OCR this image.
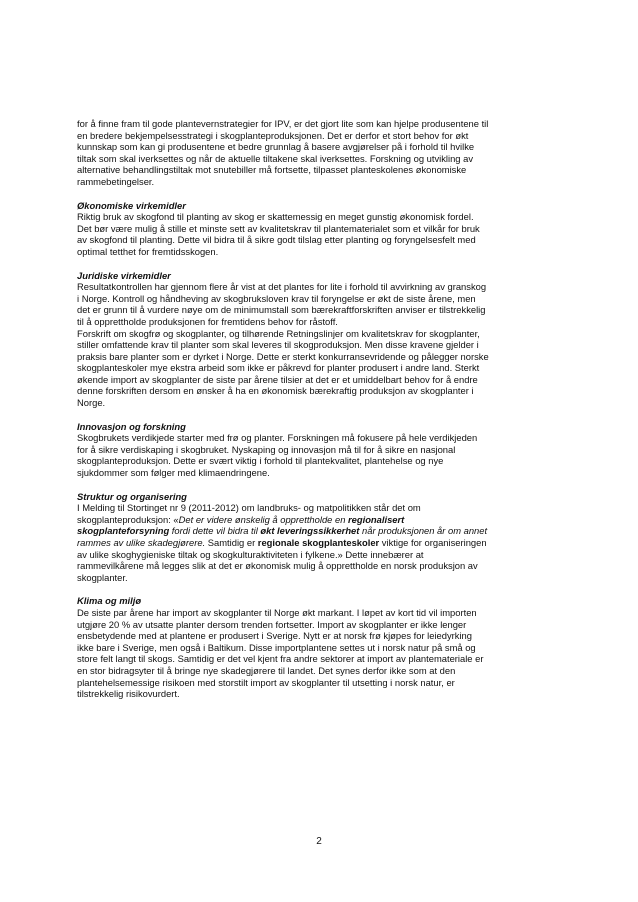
for å finne fram til gode plantevernstrategier for IPV, er det gjort lite som kan hjelpe produsentene til
en bredere bekjempelsesstrategi i skogplanteproduksjonen. Det er derfor et stort behov for økt
kunnskap som kan gi produsentene et bedre grunnlag å basere avgjørelser på i forhold til hvilke
tiltak som skal iverksettes og når de aktuelle tiltakene skal iverksettes. Forskning og utvikling av
alternative behandlingstiltak mot snutebiller må fortsette, tilpasset planteskolenes økonomiske
rammebetingelser.

Økonomiske virkemidler
Riktig bruk av skogfond til planting av skog er skattemessig en meget gunstig økonomisk fordel.
Det bør være mulig å stille et minste sett av kvalitetskrav til plantematerialet som et vilkår for bruk
av skogfond til planting. Dette vil bidra til å sikre godt tilslag etter planting og foryngelsesfelt med
optimal tetthet for fremtidsskogen.

Juridiske virkemidler
Resultatkontrollen har gjennom flere år vist at det plantes for lite i forhold til avvirkning av granskog
i Norge. Kontroll og håndheving av skogbruksloven krav til foryngelse er økt de siste årene, men
det er grunn til å vurdere nøye om de minimumstall som bærekraftforskriften anviser er tilstrekkelig
til å opprettholde produksjonen for fremtidens behov for råstoff.
Forskrift om skogfrø og skogplanter, og tilhørende Retningslinjer om kvalitetskrav for skogplanter,
stiller omfattende krav til planter som skal leveres til skogproduksjon. Men disse kravene gjelder i
praksis bare planter som er dyrket i Norge. Dette er sterkt konkurransevridende og pålegger norske
skogplanteskoler mye ekstra arbeid som ikke er påkrevd for planter produsert i andre land. Sterkt
økende import av skogplanter de siste par årene tilsier at det er et umiddelbart behov for å endre
denne forskriften dersom en ønsker å ha en økonomisk bærekraftig produksjon av skogplanter i
Norge.

Innovasjon og forskning
Skogbrukets verdikjede starter med frø og planter. Forskningen må fokusere på hele verdikjeden
for å sikre verdiskaping i skogbruket. Nyskaping og innovasjon må til for å sikre en nasjonal
skogplanteproduksjon. Dette er svært viktig i forhold til plantekvalitet, plantehelse og nye
sjukdommer som følger med klimaendringene.

Struktur og organisering
I Melding til Stortinget nr 9 (2011-2012) om landbruks- og matpolitikken står det om
skogplanteproduksjon: «Det er videre ønskelig å opprettholde en regionalisert
skogplanteforsyning fordi dette vil bidra til økt leveringssikkerhet når produksjonen år om annet
rammes av ulike skadegjørere. Samtidig er regionale skogplanteskoler viktige for organiseringen
av ulike skoghygieniske tiltak og skogkulturaktiviteten i fylkene.» Dette innebærer at
rammevilkårene må legges slik at det er økonomisk mulig å opprettholde en norsk produksjon av
skogplanter.

Klima og miljø
De siste par årene har import av skogplanter til Norge økt markant. I løpet av kort tid vil importen
utgjøre 20 % av utsatte planter dersom trenden fortsetter. Import av skogplanter er ikke lenger
ensbetydende med at plantene er produsert i Sverige. Nytt er at norsk frø kjøpes for leiedyrking
ikke bare i Sverige, men også i Baltikum. Disse importplantene settes ut i norsk natur på små og
store felt langt til skogs. Samtidig er det vel kjent fra andre sektorer at import av plantemateriale er
en stor bidragsyter til å bringe nye skadegjørere til landet. Det synes derfor ikke som at den
plantehelsemessige risikoen med storstilt import av skogplanter til utsetting i norsk natur, er
tilstrekkelig risikovurdert.

2
